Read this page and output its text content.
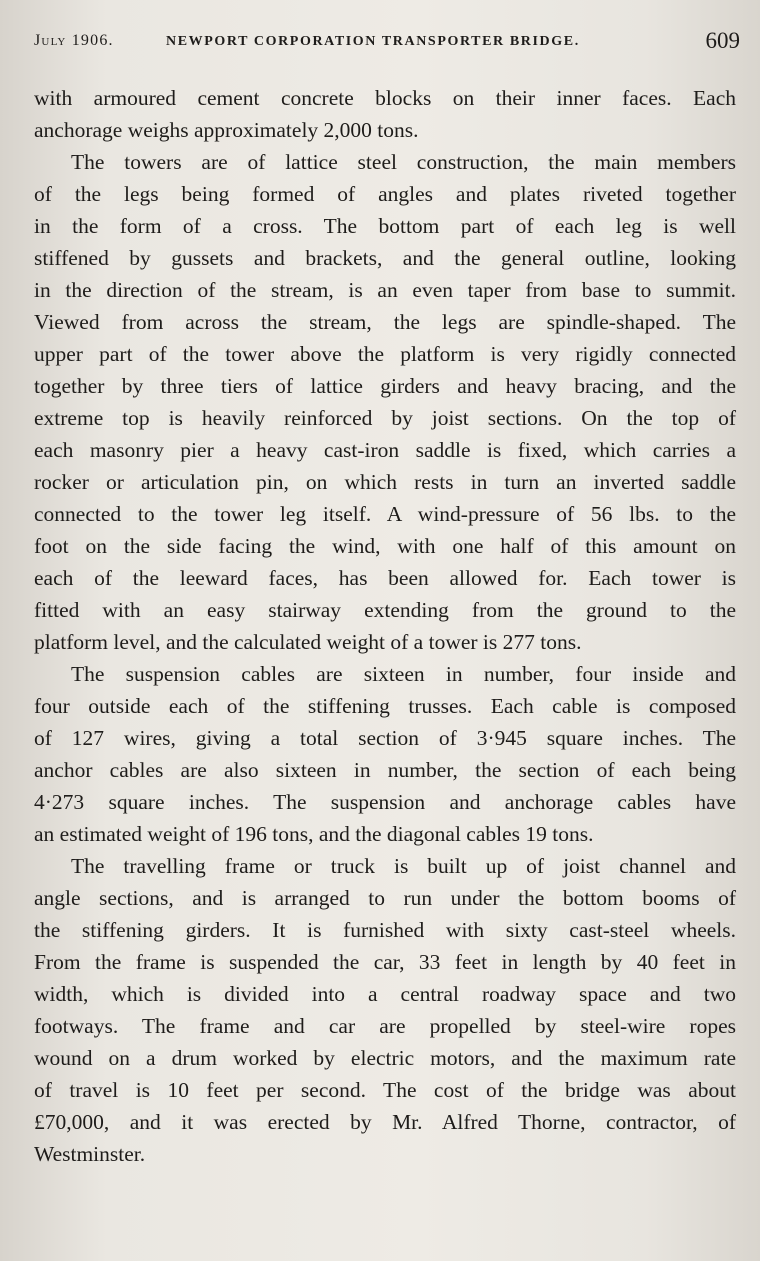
July 1906.	NEWPORT CORPORATION TRANSPORTER BRIDGE.	609
with armoured cement concrete blocks on their inner faces. Each
anchorage weighs approximately 2,000 tons.
The towers are of lattice steel construction, the main members
of the legs being formed of angles and plates riveted together
in the form of a cross. The bottom part of each leg is well
stiffened by gussets and brackets, and the general outline, looking
in the direction of the stream, is an even taper from base to summit.
Viewed from across the stream, the legs are spindle-shaped. The
upper part of the tower above the platform is very rigidly connected
together by three tiers of lattice girders and heavy bracing, and the
extreme top is heavily reinforced by joist sections. On the top of
each masonry pier a heavy cast-iron saddle is fixed, which carries a
rocker or articulation pin, on which rests in turn an inverted saddle
connected to the tower leg itself. A wind-pressure of 56 lbs. to the
foot on the side facing the wind, with one half of this amount on
each of the leeward faces, has been allowed for. Each tower is
fitted with an easy stairway extending from the ground to the
platform level, and the calculated weight of a tower is 277 tons.
The suspension cables are sixteen in number, four inside and
four outside each of the stiffening trusses. Each cable is composed
of 127 wires, giving a total section of 3·945 square inches. The
anchor cables are also sixteen in number, the section of each being
4·273 square inches. The suspension and anchorage cables have
an estimated weight of 196 tons, and the diagonal cables 19 tons.
The travelling frame or truck is built up of joist channel and
angle sections, and is arranged to run under the bottom booms of
the stiffening girders. It is furnished with sixty cast-steel wheels.
From the frame is suspended the car, 33 feet in length by 40 feet in
width, which is divided into a central roadway space and two
footways. The frame and car are propelled by steel-wire ropes
wound on a drum worked by electric motors, and the maximum rate
of travel is 10 feet per second. The cost of the bridge was about
£70,000, and it was erected by Mr. Alfred Thorne, contractor, of
Westminster.
